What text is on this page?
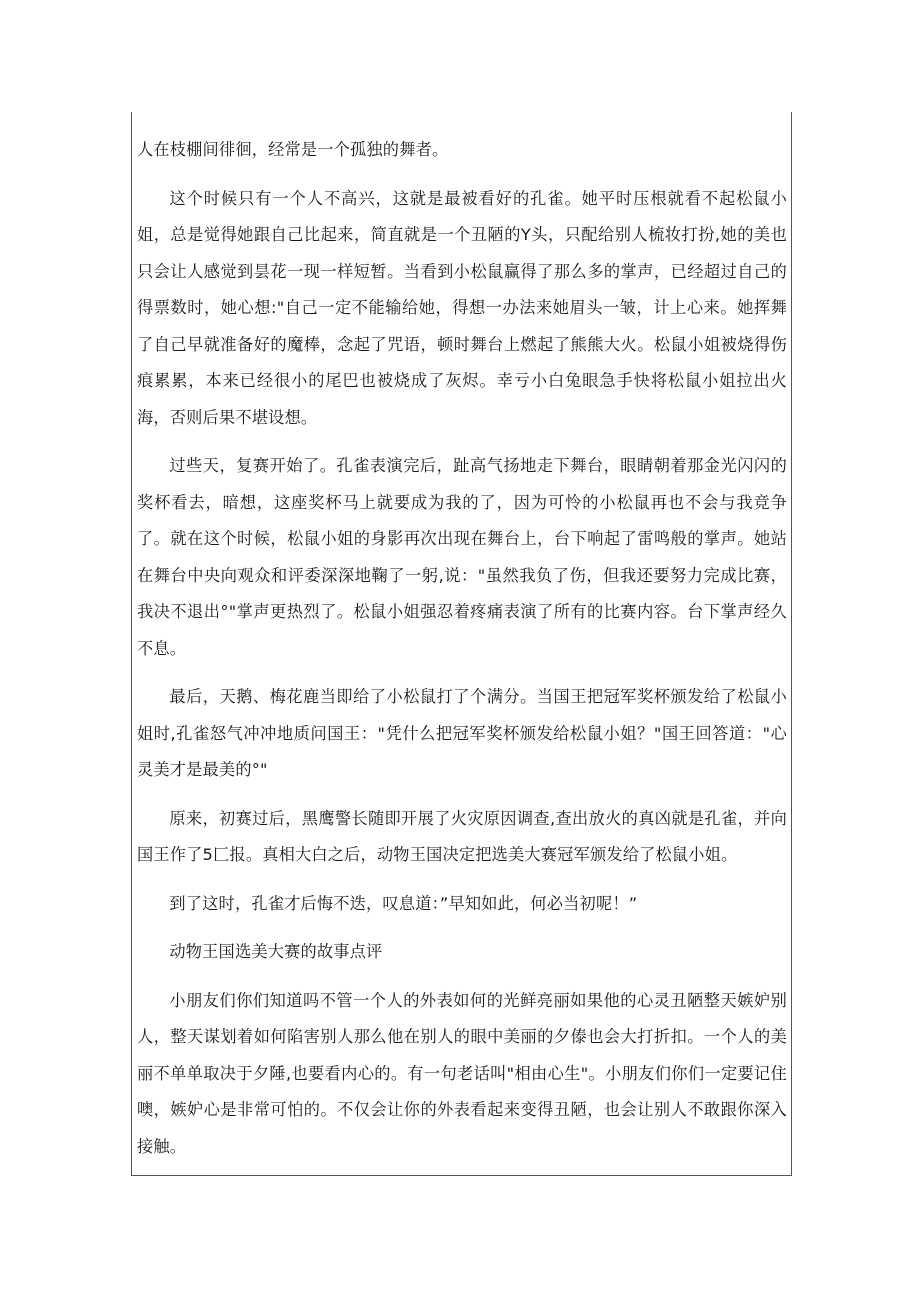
人在枝棚间徘徊，经常是一个孤独的舞者。

这个时候只有一个人不高兴，这就是最被看好的孔雀。她平时压根就看不起松鼠小姐，总是觉得她跟自己比起来，简直就是一个丑陋的Y头，只配给别人梳妆打扮,她的美也只会让人感觉到昙花一现一样短暂。当看到小松鼠赢得了那么多的掌声，已经超过自己的得票数时，她心想:"自己一定不能输给她，得想一办法来她眉头一皱，计上心来。她挥舞了自己早就准备好的魔棒，念起了咒语，顿时舞台上燃起了熊熊大火。松鼠小姐被烧得伤痕累累，本来已经很小的尾巴也被烧成了灰烬。幸亏小白兔眼急手快将松鼠小姐拉出火海，否则后果不堪设想。

过些天，复赛开始了。孔雀表演完后，趾高气扬地走下舞台，眼睛朝着那金光闪闪的奖杯看去，暗想，这座奖杯马上就要成为我的了，因为可怜的小松鼠再也不会与我竞争了。就在这个时候，松鼠小姐的身影再次出现在舞台上，台下响起了雷鸣般的掌声。她站在舞台中央向观众和评委深深地鞠了一躬,说："虽然我负了伤，但我还要努力完成比赛，我决不退出°"掌声更热烈了。松鼠小姐强忍着疼痛表演了所有的比赛内容。台下掌声经久不息。

最后，天鹅、梅花鹿当即给了小松鼠打了个满分。当国王把冠军奖杯颁发给了松鼠小姐时,孔雀怒气冲冲地质问国王："凭什么把冠军奖杯颁发给松鼠小姐？"国王回答道："心灵美才是最美的°"

原来，初赛过后，黑鹰警长随即开展了火灾原因调查,查出放火的真凶就是孔雀，并向国王作了5匚报。真相大白之后，动物王国决定把选美大赛冠军颁发给了松鼠小姐。

到了这时，孔雀才后悔不迭，叹息道：”早知如此，何必当初呢！”

动物王国选美大赛的故事点评

小朋友们你们知道吗不管一个人的外表如何的光鲜亮丽如果他的心灵丑陋整天嫉妒别人，整天谋划着如何陷害别人那么他在别人的眼中美丽的夕傣也会大打折扣。一个人的美丽不单单取决于夕陲,也要看内心的。有一句老话叫"相由心生"。小朋友们你们一定要记住噢，嫉妒心是非常可怕的。不仅会让你的外表看起来变得丑陋，也会让别人不敢跟你深入接触。
